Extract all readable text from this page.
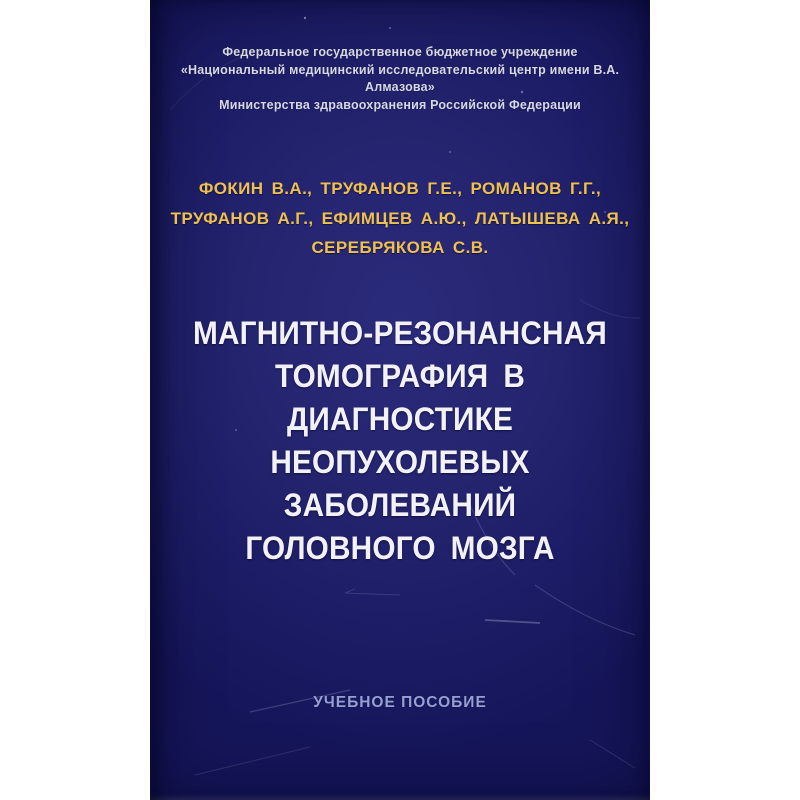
Федеральное государственное бюджетное учреждение
«Национальный медицинский исследовательский центр имени В.А. Алмазова»
Министерства здравоохранения Российской Федерации
ФОКИН В.А., ТРУФАНОВ Г.Е., РОМАНОВ Г.Г.,
ТРУФАНОВ А.Г., ЕФИМЦЕВ А.Ю., ЛАТЫШЕВА А.Я.,
СЕРЕБРЯКОВА С.В.
МАГНИТНО-РЕЗОНАНСНАЯ
ТОМОГРАФИЯ В ДИАГНОСТИКЕ
НЕОПУХОЛЕВЫХ ЗАБОЛЕВАНИЙ
ГОЛОВНОГО МОЗГА
УЧЕБНОЕ ПОСОБИЕ
